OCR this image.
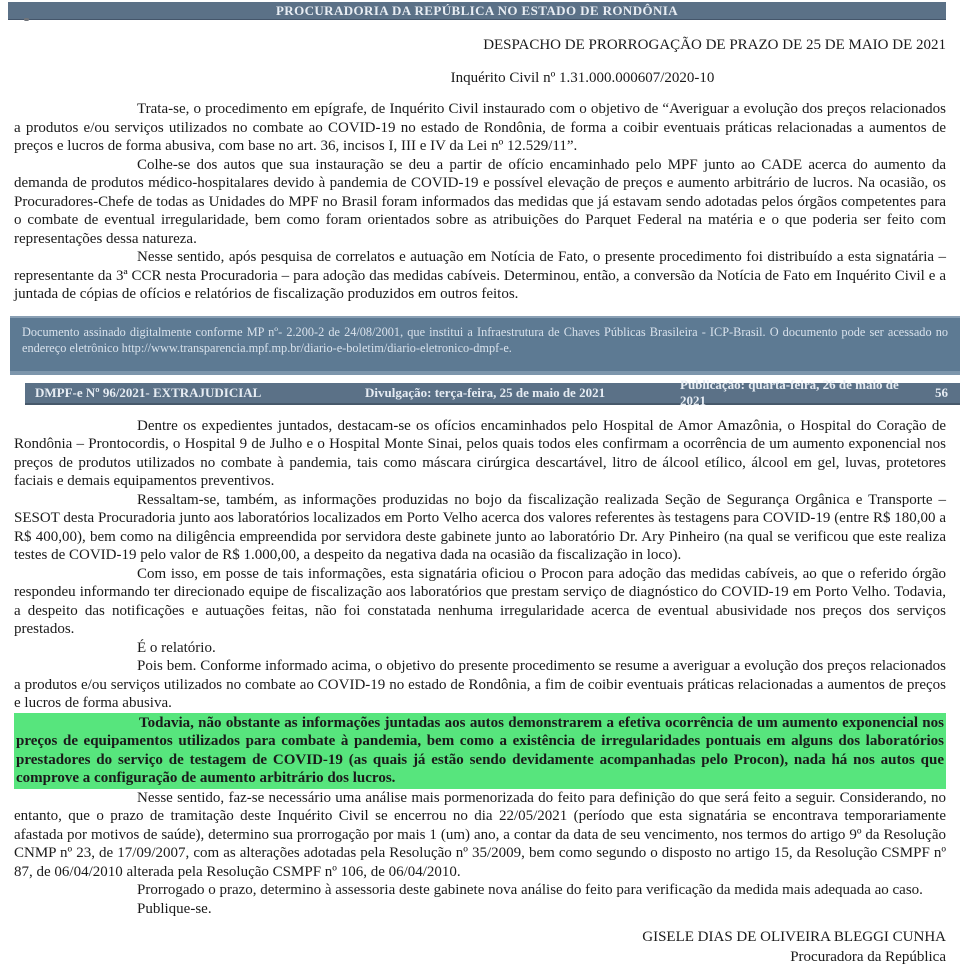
PROCURADORIA DA REPÚBLICA NO ESTADO DE RONDÔNIA
DESPACHO DE PRORROGAÇÃO DE PRAZO DE 25 DE MAIO DE 2021
Inquérito Civil nº 1.31.000.000607/2020-10

Trata-se, o procedimento em epígrafe, de Inquérito Civil instaurado com o objetivo de “Averiguar a evolução dos preços relacionados a produtos e/ou serviços utilizados no combate ao COVID-19 no estado de Rondônia, de forma a coibir eventuais práticas relacionadas a aumentos de preços e lucros de forma abusiva, com base no art. 36, incisos I, III e IV da Lei nº 12.529/11”.

Colhe-se dos autos que sua instauração se deu a partir de ofício encaminhado pelo MPF junto ao CADE acerca do aumento da demanda de produtos médico-hospitalares devido à pandemia de COVID-19 e possível elevação de preços e aumento arbitrário de lucros. Na ocasião, os Procuradores-Chefe de todas as Unidades do MPF no Brasil foram informados das medidas que já estavam sendo adotadas pelos órgãos competentes para o combate de eventual irregularidade, bem como foram orientados sobre as atribuições do Parquet Federal na matéria e o que poderia ser feito com representações dessa natureza.

Nesse sentido, após pesquisa de correlatos e autuação em Notícia de Fato, o presente procedimento foi distribuído a esta signatária – representante da 3ª CCR nesta Procuradoria – para adoção das medidas cabíveis. Determinou, então, a conversão da Notícia de Fato em Inquérito Civil e a juntada de cópias de ofícios e relatórios de fiscalização produzidos em outros feitos.

Documento assinado digitalmente conforme MP nº- 2.200-2 de 24/08/2001, que institui a Infraestrutura de Chaves Públicas Brasileira - ICP-Brasil. O documento pode ser acessado no endereço eletrônico http://www.transparencia.mpf.mp.br/diario-e-boletim/diario-eletronico-dmpf-e.
DMPF-e Nº 96/2021- EXTRAJUDICIAL	Divulgação: terça-feira, 25 de maio de 2021
Publicação: quarta-feira, 26 de maio de 2021
56

Dentre os expedientes juntados, destacam-se os ofícios encaminhados pelo Hospital de Amor Amazônia, o Hospital do Coração de Rondônia – Prontocordis, o Hospital 9 de Julho e o Hospital Monte Sinai, pelos quais todos eles confirmam a ocorrência de um aumento exponencial nos preços de produtos utilizados no combate à pandemia, tais como máscara cirúrgica descartável, litro de álcool etílico, álcool em gel, luvas, protetores faciais e demais equipamentos preventivos.

Ressaltam-se, também, as informações produzidas no bojo da fiscalização realizada Seção de Segurança Orgânica e Transporte – SESOT desta Procuradoria junto aos laboratórios localizados em Porto Velho acerca dos valores referentes às testagens para COVID-19 (entre R$ 180,00 a R$ 400,00), bem como na diligência empreendida por servidora deste gabinete junto ao laboratório Dr. Ary Pinheiro (na qual se verificou que este realiza testes de COVID-19 pelo valor de R$ 1.000,00, a despeito da negativa dada na ocasião da fiscalização in loco).

Com isso, em posse de tais informações, esta signatária oficiou o Procon para adoção das medidas cabíveis, ao que o referido órgão respondeu informando ter direcionado equipe de fiscalização aos laboratórios que prestam serviço de diagnóstico do COVID-19 em Porto Velho. Todavia, a despeito das notificações e autuações feitas, não foi constatada nenhuma irregularidade acerca de eventual abusividade nos preços dos serviços prestados.

É o relatório.

Pois bem. Conforme informado acima, o objetivo do presente procedimento se resume a averiguar a evolução dos preços relacionados a produtos e/ou serviços utilizados no combate ao COVID-19 no estado de Rondônia, a fim de coibir eventuais práticas relacionadas a aumentos de preços e lucros de forma abusiva.

Todavia, não obstante as informações juntadas aos autos demonstrarem a efetiva ocorrência de um aumento exponencial nos preços de equipamentos utilizados para combate à pandemia, bem como a existência de irregularidades pontuais em alguns dos laboratórios prestadores do serviço de testagem de COVID-19 (as quais já estão sendo devidamente acompanhadas pelo Procon), nada há nos autos que comprove a configuração de aumento arbitrário dos lucros.

Nesse sentido, faz-se necessário uma análise mais pormenorizada do feito para definição do que será feito a seguir. Considerando, no entanto, que o prazo de tramitação deste Inquérito Civil se encerrou no dia 22/05/2021 (período que esta signatária se encontrava temporariamente afastada por motivos de saúde), determino sua prorrogação por mais 1 (um) ano, a contar da data de seu vencimento, nos termos do artigo 9º da Resolução CNMP nº 23, de 17/09/2007, com as alterações adotadas pela Resolução nº 35/2009, bem como segundo o disposto no artigo 15, da Resolução CSMPF nº 87, de 06/04/2010 alterada pela Resolução CSMPF nº 106, de 06/04/2010.

Prorrogado o prazo, determino à assessoria deste gabinete nova análise do feito para verificação da medida mais adequada ao caso.

Publique-se.

GISELE DIAS DE OLIVEIRA BLEGGI CUNHA
Procuradora da República
